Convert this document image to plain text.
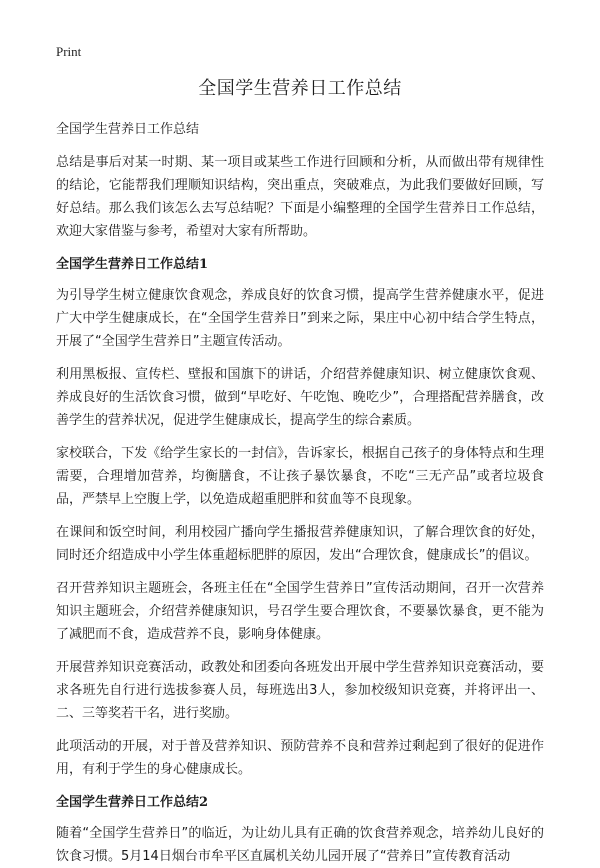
Print
全国学生营养日工作总结
全国学生营养日工作总结

总结是事后对某一时期、某一项目或某些工作进行回顾和分析，从而做出带有规律性的结论，它能帮我们理顺知识结构，突出重点，突破难点，为此我们要做好回顾，写好总结。那么我们该怎么去写总结呢？下面是小编整理的全国学生营养日工作总结，欢迎大家借鉴与参考，希望对大家有所帮助。

全国学生营养日工作总结1

为引导学生树立健康饮食观念，养成良好的饮食习惯，提高学生营养健康水平，促进广大中学生健康成长，在“全国学生营养日”到来之际，果庄中心初中结合学生特点，开展了“全国学生营养日”主题宣传活动。

利用黑板报、宣传栏、壁报和国旗下的讲话，介绍营养健康知识、树立健康饮食观、养成良好的生活饮食习惯，做到“早吃好、午吃饱、晚吃少”，合理搭配营养膳食，改善学生的营养状况，促进学生健康成长，提高学生的综合素质。

家校联合，下发《给学生家长的一封信》，告诉家长，根据自己孩子的身体特点和生理需要，合理增加营养，均衡膳食，不让孩子暴饮暴食，不吃“三无产品”或者垃圾食品，严禁早上空腹上学，以免造成超重肥胖和贫血等不良现象。

在课间和饭空时间，利用校园广播向学生播报营养健康知识，了解合理饮食的好处，同时还介绍造成中小学生体重超标肥胖的原因，发出“合理饮食，健康成长”的倡议。

召开营养知识主题班会，各班主任在“全国学生营养日”宣传活动期间，召开一次营养知识主题班会，介绍营养健康知识，号召学生要合理饮食，不要暴饮暴食，更不能为了减肥而不食，造成营养不良，影响身体健康。

开展营养知识竞赛活动，政教处和团委向各班发出开展中学生营养知识竞赛活动，要求各班先自行进行选拔参赛人员，每班选出3人，参加校级知识竞赛，并将评出一、二、三等奖若干名，进行奖励。

此项活动的开展，对于普及营养知识、预防营养不良和营养过剩起到了很好的促进作用，有利于学生的身心健康成长。

全国学生营养日工作总结2

随着“全国学生营养日”的临近，为让幼儿具有正确的饮食营养观念，培养幼儿良好的饮食习惯。5月14日烟台市牟平区直属机关幼儿园开展了“营养日”宣传教育活动
